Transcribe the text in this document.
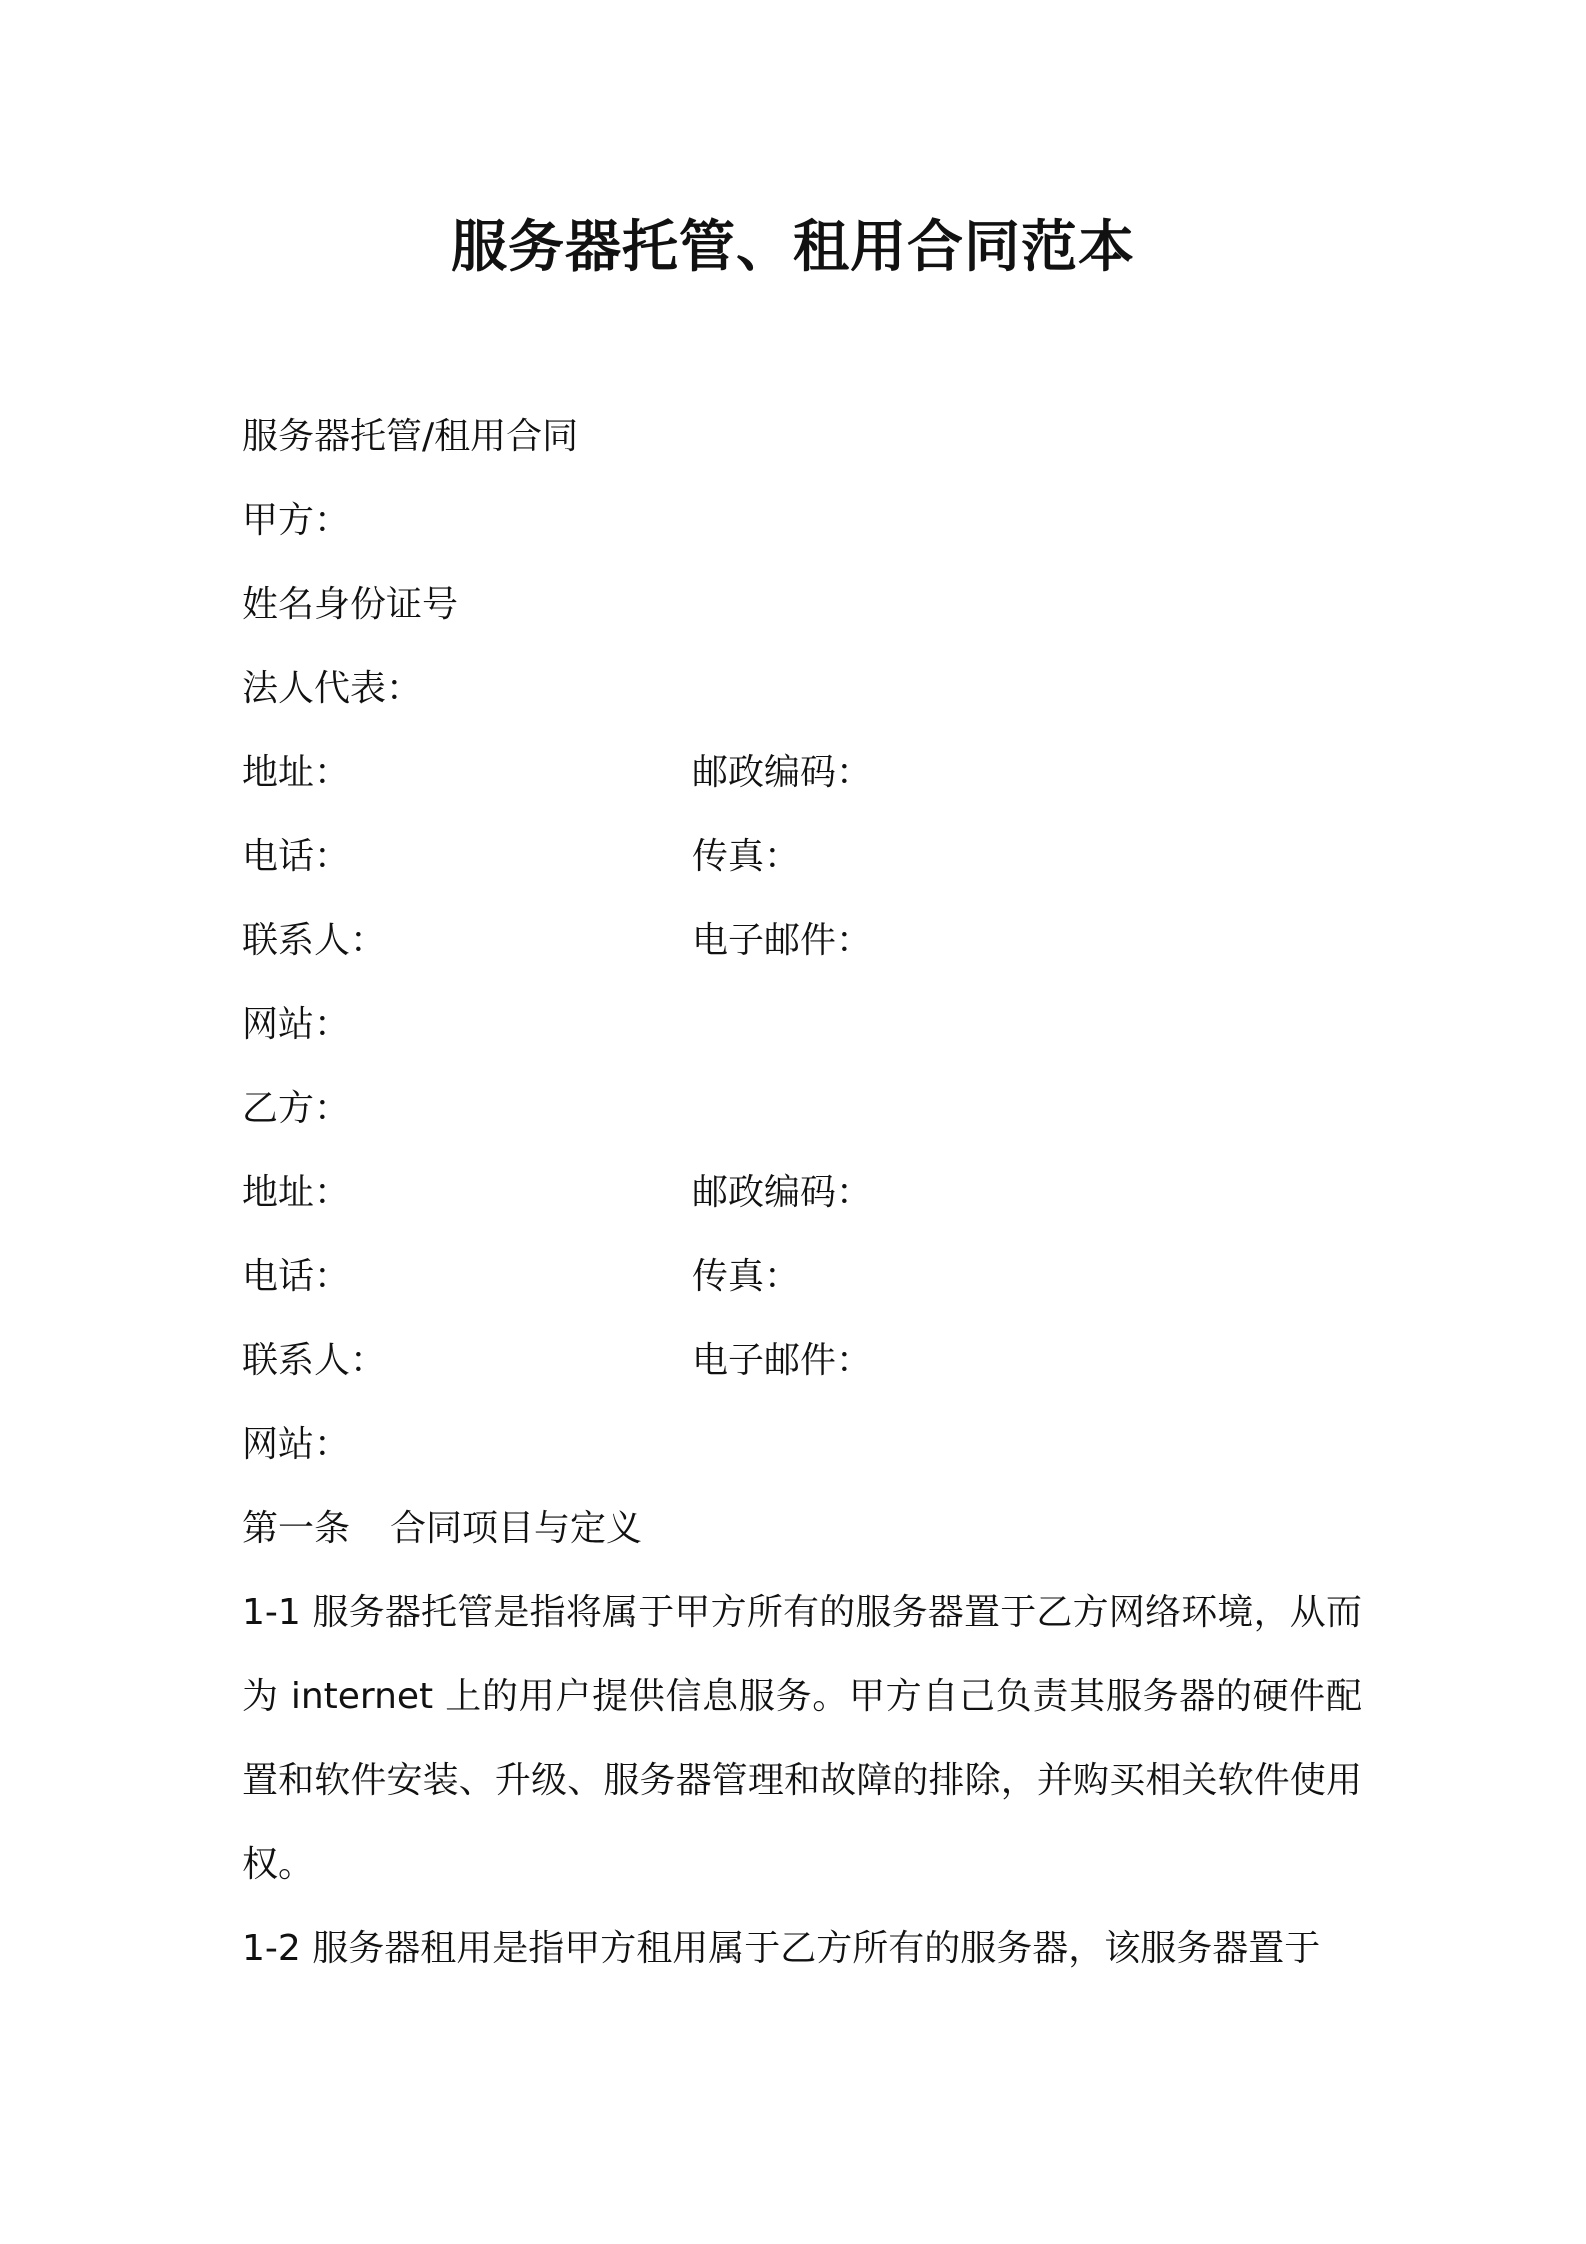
服务器托管、租用合同范本
服务器托管/租用合同
甲方：
姓名身份证号
法人代表：
地址：	邮政编码：
电话：	传真：
联系人：	电子邮件：
网站：
乙方：
地址：	邮政编码：
电话：	传真：
联系人：	电子邮件：
网站：
第一条 合同项目与定义
1-1 服务器托管是指将属于甲方所有的服务器置于乙方网络环境，从而为 internet 上的用户提供信息服务。甲方自己负责其服务器的硬件配置和软件安装、升级、服务器管理和故障的排除，并购买相关软件使用权。
1-2 服务器租用是指甲方租用属于乙方所有的服务器，该服务器置于
